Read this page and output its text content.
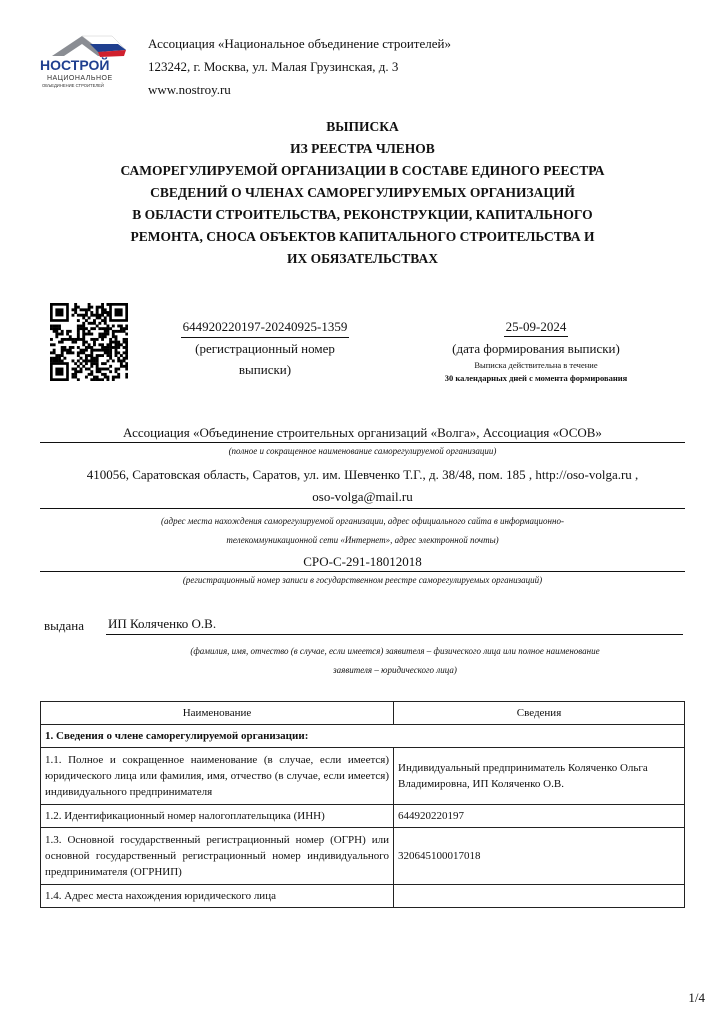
НОСТРОЙ
НАЦИОНАЛЬНОЕ
ОБЪЕДИНЕНИЕ СТРОИТЕЛЕЙ
Ассоциация «Национальное объединение строителей»
123242, г. Москва, ул. Малая Грузинская, д. 3
www.nostroy.ru
ВЫПИСКА
ИЗ РЕЕСТРА ЧЛЕНОВ
САМОРЕГУЛИРУЕМОЙ ОРГАНИЗАЦИИ В СОСТАВЕ ЕДИНОГО РЕЕСТРА
СВЕДЕНИЙ О ЧЛЕНАХ САМОРЕГУЛИРУЕМЫХ ОРГАНИЗАЦИЙ
В ОБЛАСТИ СТРОИТЕЛЬСТВА, РЕКОНСТРУКЦИИ, КАПИТАЛЬНОГО
РЕМОНТА, СНОСА ОБЪЕКТОВ КАПИТАЛЬНОГО СТРОИТЕЛЬСТВА И
ИХ ОБЯЗАТЕЛЬСТВАХ
644920220197-20240925-1359
(регистрационный номер
выписки)
25-09-2024
(дата формирования выписки)
Выписка действительна в течение
30 календарных дней с момента формирования
Ассоциация «Объединение строительных организаций «Волга», Ассоциация «ОСОВ»
(полное и сокращенное наименование саморегулируемой организации)
410056, Саратовская область, Саратов, ул. им. Шевченко Т.Г., д. 38/48, пом. 185 , http://oso-volga.ru ,
oso-volga@mail.ru
(адрес места нахождения саморегулируемой организации, адрес официального сайта в информационно-
телекоммуникационной сети «Интернет», адрес электронной почты)
СРО-С-291-18012018
(регистрационный номер записи в государственном реестре саморегулируемых организаций)
выдана ИП Коляченко О.В.
(фамилия, имя, отчество (в случае, если имеется) заявителя – физического лица или полное наименование
заявителя – юридического лица)
Наименование	Сведения
1. Сведения о члене саморегулируемой организации:	
1.1. Полное и сокращенное наименование (в случае, если имеется) юридического лица или фамилия, имя, отчество (в случае, если имеется) индивидуального предпринимателя	Индивидуальный предприниматель Коляченко Ольга Владимировна, ИП Коляченко О.В.
1.2. Идентификационный номер налогоплательщика (ИНН)	644920220197
1.3. Основной государственный регистрационный номер (ОГРН) или основной государственный регистрационный номер индивидуального предпринимателя (ОГРНИП)	320645100017018
1.4. Адрес места нахождения юридического лица	
1/4
